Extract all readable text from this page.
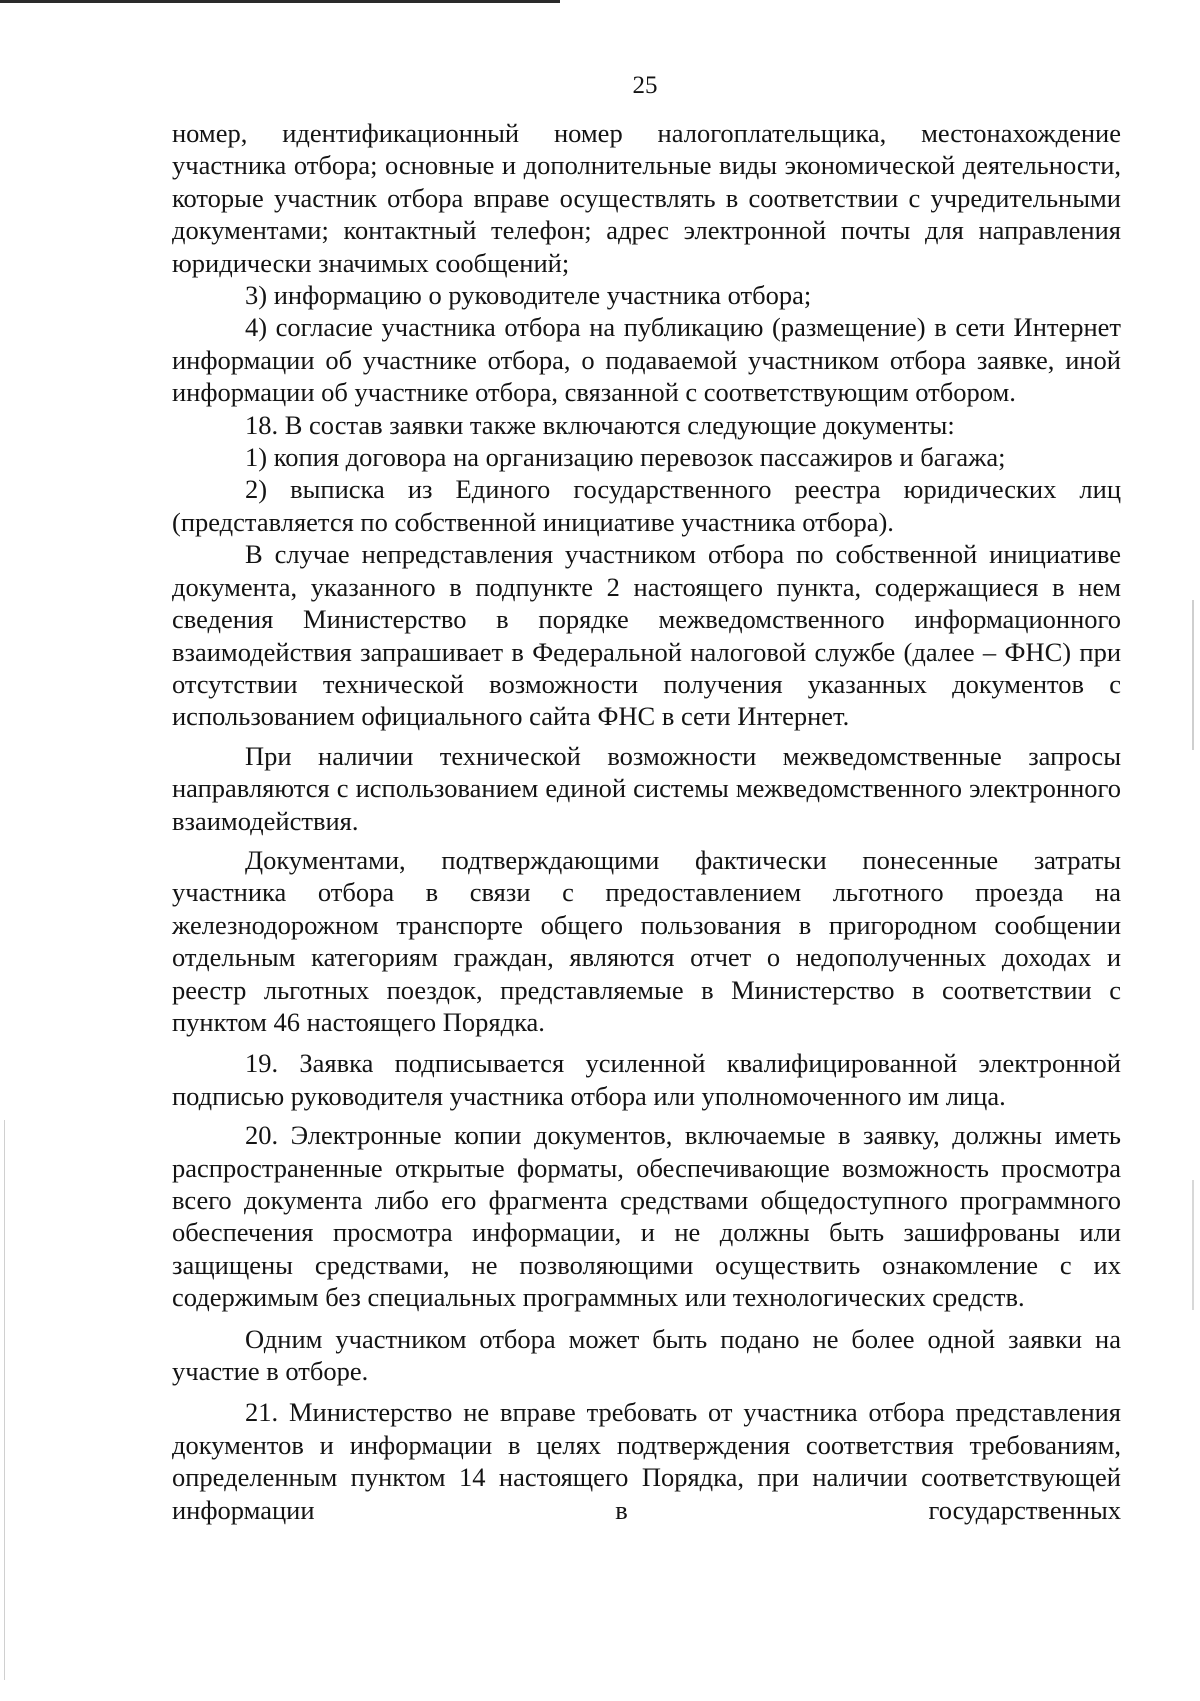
25

номер, идентификационный номер налогоплательщика, местонахождение участника отбора; основные и дополнительные виды экономической деятельности, которые участник отбора вправе осуществлять в соответствии с учредительными документами; контактный телефон; адрес электронной почты для направления юридически значимых сообщений;

3) информацию о руководителе участника отбора;

4) согласие участника отбора на публикацию (размещение) в сети Интернет информации об участнике отбора, о подаваемой участником отбора заявке, иной информации об участнике отбора, связанной с соответствующим отбором.

18. В состав заявки также включаются следующие документы:

1) копия договора на организацию перевозок пассажиров и багажа;

2) выписка из Единого государственного реестра юридических лиц (представляется по собственной инициативе участника отбора).

В случае непредставления участником отбора по собственной инициативе документа, указанного в подпункте 2 настоящего пункта, содержащиеся в нем сведения Министерство в порядке межведомственного информационного взаимодействия запрашивает в Федеральной налоговой службе (далее – ФНС) при отсутствии технической возможности получения указанных документов с использованием официального сайта ФНС в сети Интернет.

При наличии технической возможности межведомственные запросы направляются с использованием единой системы межведомственного электронного взаимодействия.

Документами, подтверждающими фактически понесенные затраты участника отбора в связи с предоставлением льготного проезда на железнодорожном транспорте общего пользования в пригородном сообщении отдельным категориям граждан, являются отчет о недополученных доходах и реестр льготных поездок, представляемые в Министерство в соответствии с пунктом 46 настоящего Порядка.

19. Заявка подписывается усиленной квалифицированной электронной подписью руководителя участника отбора или уполномоченного им лица.

20. Электронные копии документов, включаемые в заявку, должны иметь распространенные открытые форматы, обеспечивающие возможность просмотра всего документа либо его фрагмента средствами общедоступного программного обеспечения просмотра информации, и не должны быть зашифрованы или защищены средствами, не позволяющими осуществить ознакомление с их содержимым без специальных программных или технологических средств.

Одним участником отбора может быть подано не более одной заявки на участие в отборе.

21. Министерство не вправе требовать от участника отбора представления документов и информации в целях подтверждения соответствия требованиям, определенным пунктом 14 настоящего Порядка, при наличии соответствующей информации в государственных
